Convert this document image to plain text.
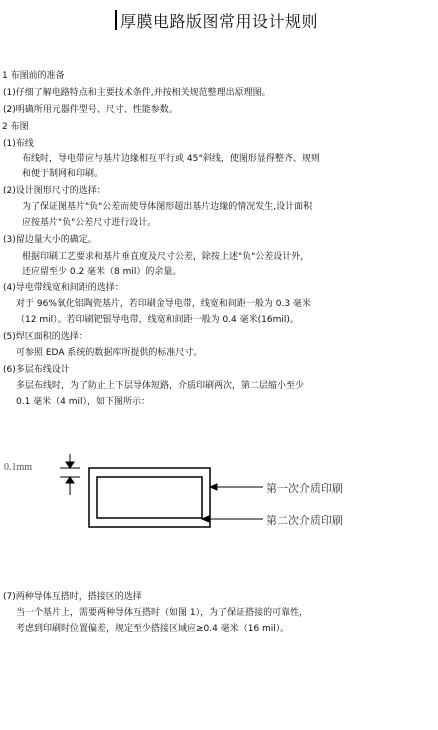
厚膜电路版图常用设计规则
1 布图前的准备
(1)仔细了解电路特点和主要技术条件,并按相关规范整理出原理图。
(2)明确所用元器件型号、尺寸、性能参数。
2 布图
(1)布线
布线时，导电带应与基片边缘相互平行或 45°斜线，使图形显得整齐、规则
和便于制网和印刷。
(2)设计图形尺寸的选择：
为了保证图基片"负"公差而使导体图形超出基片边缘的情况发生,设计面积
应按基片"负"公差尺寸进行设计。
(3)留边量大小的确定。
根据印刷工艺要求和基片垂直度及尺寸公差，除按上述"负"公差设计外，
还应留至少 0.2 毫米（8 mil）的余量。
(4)导电带线宽和间距的选择：
对于 96%氧化铝陶瓷基片，若印刷金导电带，线宽和间距一般为 0.3 毫米
（12 mil）。若印刷钯银导电带，线宽和间距一般为 0.4 毫米(16mil)。
(5)焊区面积的选择：
可参照 EDA 系统的数据库所提供的标准尺寸。
(6)多层布线设计
多层布线时，为了防止上下层导体短路，介质印刷两次，第二层缩小至少
0.1 毫米（4 mil），如下图所示：
0.1mm
第一次介质印刷
第二次介质印刷
(7)两种导体互搭时，搭接区的选择
当一个基片上，需要两种导体互搭时（如图 1），为了保证搭接的可靠性，
考虑到印刷时位置偏差，规定至少搭接区域应≥0.4 毫米（16 mil）。
